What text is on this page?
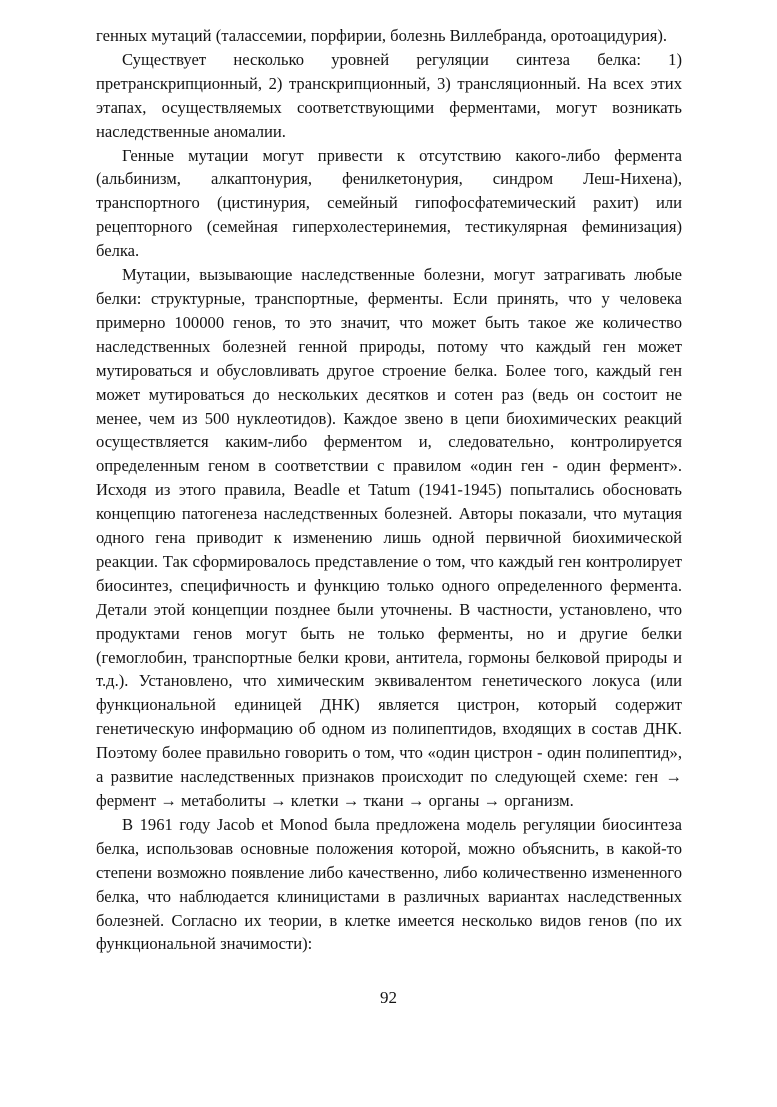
генных мутаций (талассемии, порфирии, болезнь Виллебранда, оротоацидурия).

Существует несколько уровней регуляции синтеза белка: 1) претранскрипционный, 2) транскрипционный, 3) трансляционный. На всех этих этапах, осуществляемых соответствующими ферментами, могут возникать наследственные аномалии.

Генные мутации могут привести к отсутствию какого-либо фермента (альбинизм, алкаптонурия, фенилкетонурия, синдром Леш-Нихена), транспортного (цистинурия, семейный гипофосфатемический рахит) или рецепторного (семейная гиперхолестеринемия, тестикулярная феминизация) белка.

Мутации, вызывающие наследственные болезни, могут затрагивать любые белки: структурные, транспортные, ферменты. Если принять, что у человека примерно 100000 генов, то это значит, что может быть такое же количество наследственных болезней генной природы, потому что каждый ген может мутироваться и обусловливать другое строение белка. Более того, каждый ген может мутироваться до нескольких десятков и сотен раз (ведь он состоит не менее, чем из 500 нуклеотидов). Каждое звено в цепи биохимических реакций осуществляется каким-либо ферментом и, следовательно, контролируется определенным геном в соответствии с правилом «один ген - один фермент». Исходя из этого правила, Beadle et Tatum (1941-1945) попытались обосновать концепцию патогенеза наследственных болезней. Авторы показали, что мутация одного гена приводит к изменению лишь одной первичной биохимической реакции. Так сформировалось представление о том, что каждый ген контролирует биосинтез, специфичность и функцию только одного определенного фермента. Детали этой концепции позднее были уточнены. В частности, установлено, что продуктами генов могут быть не только ферменты, но и другие белки (гемоглобин, транспортные белки крови, антитела, гормоны белковой природы и т.д.). Установлено, что химическим эквивалентом генетического локуса (или функциональной единицей ДНК) является цистрон, который содержит генетическую информацию об одном из полипептидов, входящих в состав ДНК. Поэтому более правильно говорить о том, что «один цистрон - один полипептид», а развитие наследственных признаков происходит по следующей схеме: ген → фермент → метаболиты → клетки → ткани → органы → организм.

В 1961 году Jacob et Monod была предложена модель регуляции биосинтеза белка, использовав основные положения которой, можно объяснить, в какой-то степени возможно появление либо качественно, либо количественно измененного белка, что наблюдается клиницистами в различных вариантах наследственных болезней. Согласно их теории, в клетке имеется несколько видов генов (по их функциональной значимости):

92
